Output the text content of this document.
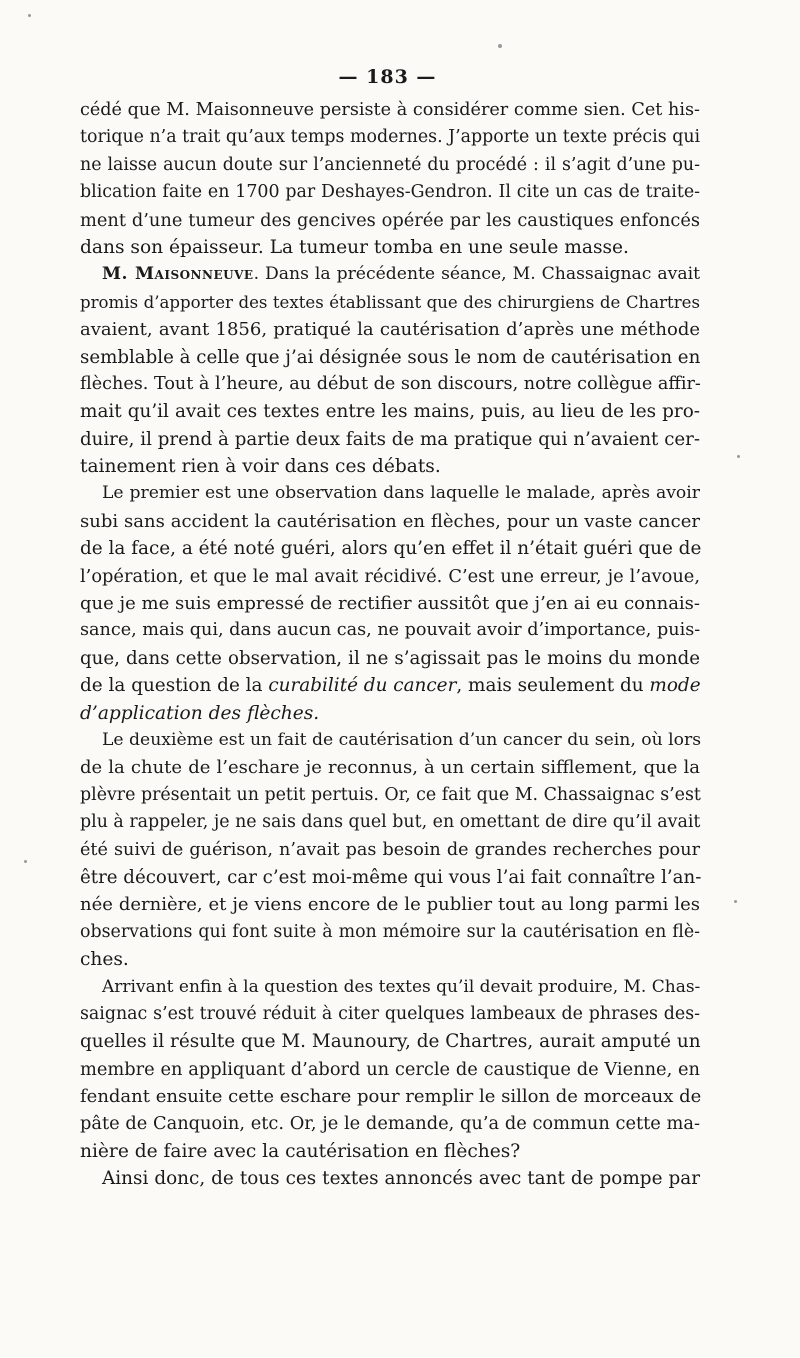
— 183 —
cédé que M. Maisonneuve persiste à considérer comme sien. Cet his-
torique n’a trait qu’aux temps modernes. J’apporte un texte précis qui
ne laisse aucun doute sur l’ancienneté du procédé : il s’agit d’une pu-
blication faite en 1700 par Deshayes-Gendron. Il cite un cas de traite-
ment d’une tumeur des gencives opérée par les caustiques enfoncés
dans son épaisseur. La tumeur tomba en une seule masse.
M. Maisonneuve. Dans la précédente séance, M. Chassaignac avait
promis d’apporter des textes établissant que des chirurgiens de Chartres
avaient, avant 1856, pratiqué la cautérisation d’après une méthode
semblable à celle que j’ai désignée sous le nom de cautérisation en
flèches. Tout à l’heure, au début de son discours, notre collègue affir-
mait qu’il avait ces textes entre les mains, puis, au lieu de les pro-
duire, il prend à partie deux faits de ma pratique qui n’avaient cer-
tainement rien à voir dans ces débats.
Le premier est une observation dans laquelle le malade, après avoir
subi sans accident la cautérisation en flèches, pour un vaste cancer
de la face, a été noté guéri, alors qu’en effet il n’était guéri que de
l’opération, et que le mal avait récidivé. C’est une erreur, je l’avoue,
que je me suis empressé de rectifier aussitôt que j’en ai eu connais-
sance, mais qui, dans aucun cas, ne pouvait avoir d’importance, puis-
que, dans cette observation, il ne s’agissait pas le moins du monde
de la question de la curabilité du cancer, mais seulement du mode
d’application des flèches.
Le deuxième est un fait de cautérisation d’un cancer du sein, où lors
de la chute de l’eschare je reconnus, à un certain sifflement, que la
plèvre présentait un petit pertuis. Or, ce fait que M. Chassaignac s’est
plu à rappeler, je ne sais dans quel but, en omettant de dire qu’il avait
été suivi de guérison, n’avait pas besoin de grandes recherches pour
être découvert, car c’est moi-même qui vous l’ai fait connaître l’an-
née dernière, et je viens encore de le publier tout au long parmi les
observations qui font suite à mon mémoire sur la cautérisation en flè-
ches.
Arrivant enfin à la question des textes qu’il devait produire, M. Chas-
saignac s’est trouvé réduit à citer quelques lambeaux de phrases des-
quelles il résulte que M. Maunoury, de Chartres, aurait amputé un
membre en appliquant d’abord un cercle de caustique de Vienne, en
fendant ensuite cette eschare pour remplir le sillon de morceaux de
pâte de Canquoin, etc. Or, je le demande, qu’a de commun cette ma-
nière de faire avec la cautérisation en flèches?
Ainsi donc, de tous ces textes annoncés avec tant de pompe par
